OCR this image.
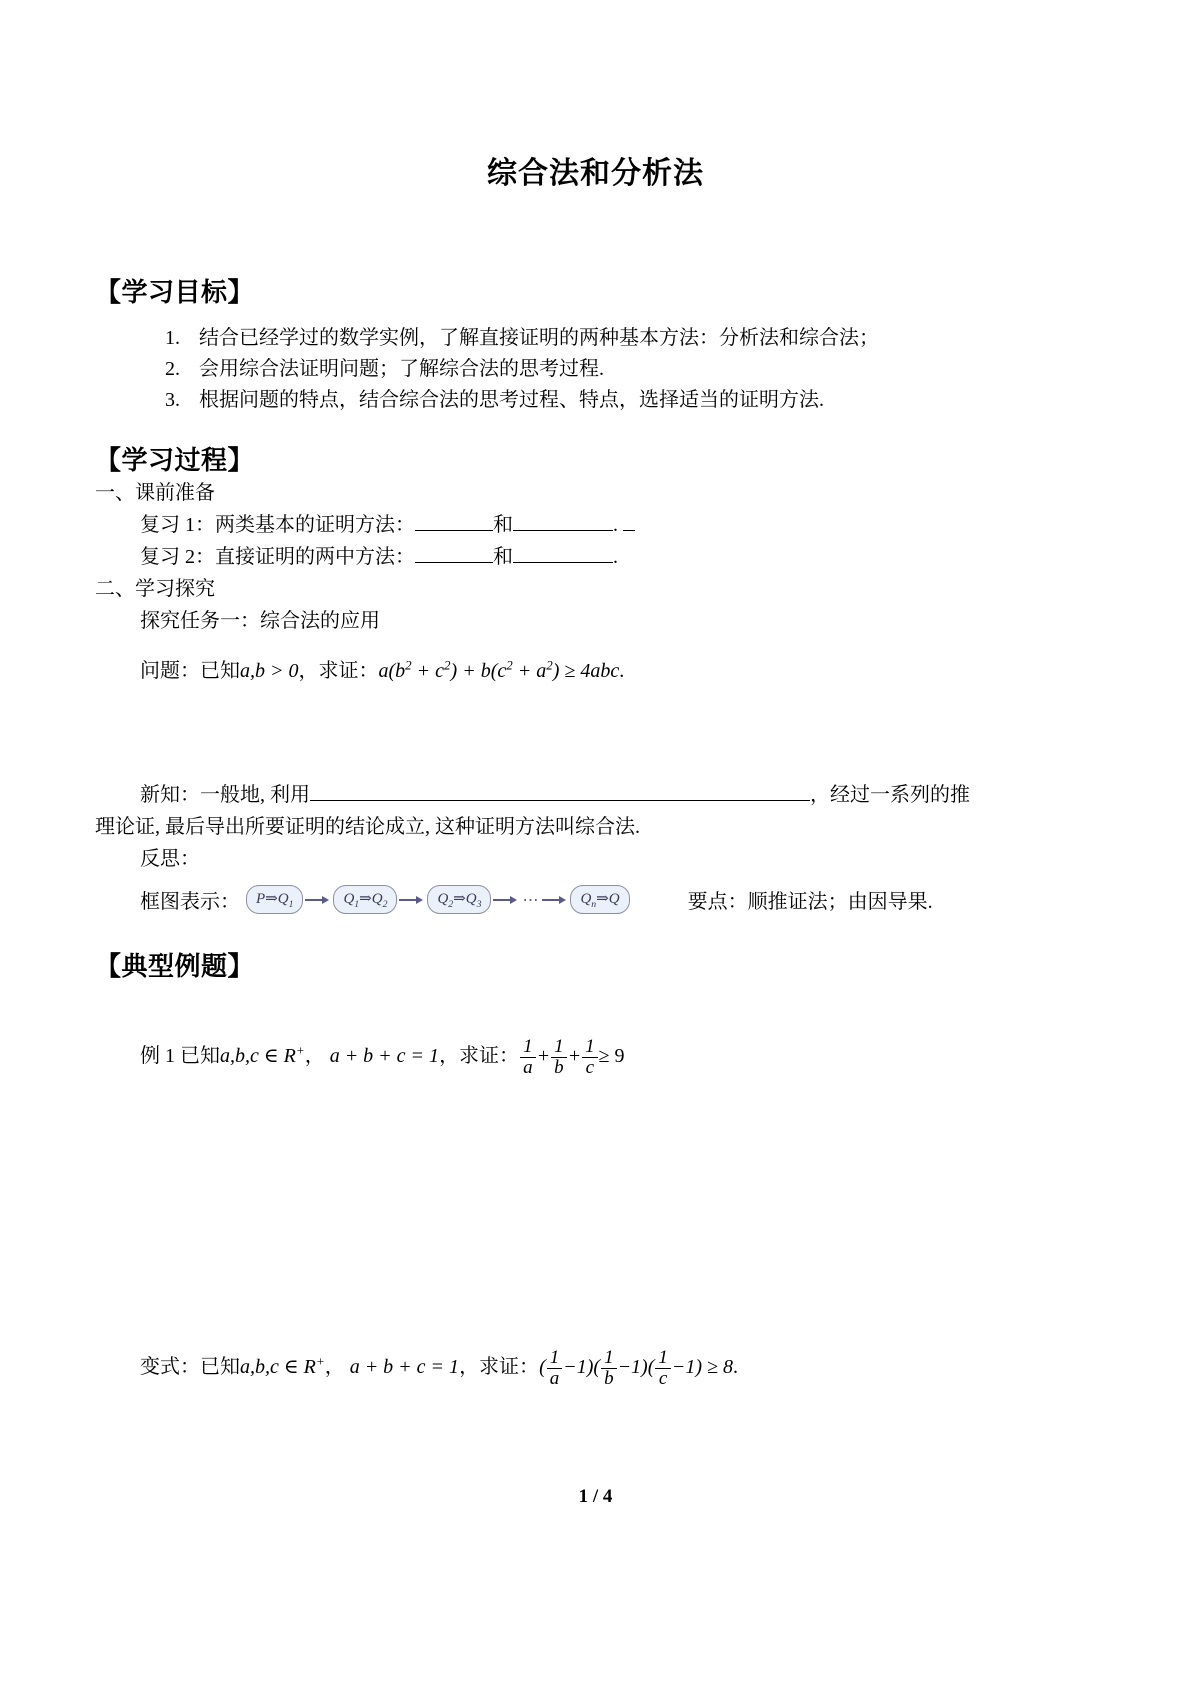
综合法和分析法
【学习目标】
1. 结合已经学过的数学实例，了解直接证明的两种基本方法：分析法和综合法；
2. 会用综合法证明问题；了解综合法的思考过程.
3. 根据问题的特点，结合综合法的思考过程、特点，选择适当的证明方法.
【学习过程】

一、课前准备

复习 1：两类基本的证明方法：	和	.

复习 2：直接证明的两中方法：	和	.

二、学习探究

探究任务一：综合法的应用

问题：已知a,b > 0，求证：$a(b^2 + c^2) + b(c^2 + a^2) \ge 4abc$.

新知：一般地, 利用	，经过一系列的推
理论证, 最后导出所要证明的结论成立, 这种证明方法叫综合法.

反思：

框图表示：	$P\Rightarrow Q_1$	$Q_1\Rightarrow Q_2$	$Q_2\Rightarrow Q_3$	⋯	$Q_n\Rightarrow Q$	要点：顺推证法；由因导果.
【典型例题】

例 1 已知a,b,c ∈ R+， a + b + c = 1，求证： $\frac{1}{a} + \frac{1}{b} + \frac{1}{c} \ge 9$

变式：已知a,b,c ∈ R+， a + b + c = 1，求证：( $\frac{1}{a} -1)( \frac{1}{b} -1)( \frac{1}{c} -1) \ge 8$.

1 / 4
